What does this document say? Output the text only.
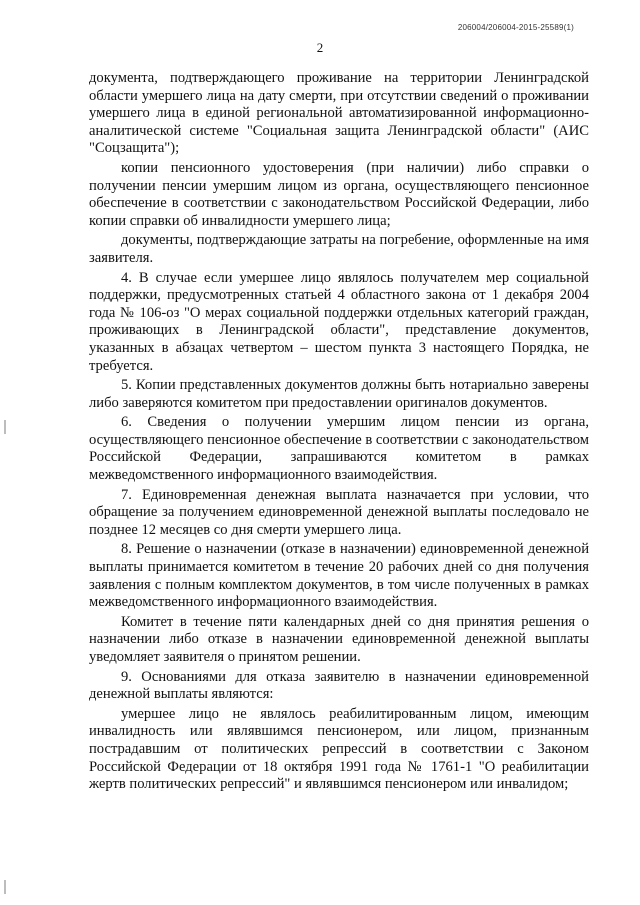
206004/206004-2015-25589(1)
2

документа, подтверждающего проживание на территории Ленинградской области умершего лица на дату смерти, при отсутствии сведений о проживании умершего лица в единой региональной автоматизированной информационно-аналитической системе "Социальная защита Ленинградской области" (АИС "Соцзащита");

копии пенсионного удостоверения (при наличии) либо справки о получении пенсии умершим лицом из органа, осуществляющего пенсионное обеспечение в соответствии с законодательством Российской Федерации, либо копии справки об инвалидности умершего лица;

документы, подтверждающие затраты на погребение, оформленные на имя заявителя.

4. В случае если умершее лицо являлось получателем мер социальной поддержки, предусмотренных статьей 4 областного закона от 1 декабря 2004 года № 106-оз "О мерах социальной поддержки отдельных категорий граждан, проживающих в Ленинградской области", представление документов, указанных в абзацах четвертом – шестом пункта 3 настоящего Порядка, не требуется.

5. Копии представленных документов должны быть нотариально заверены либо заверяются комитетом при предоставлении оригиналов документов.

6. Сведения о получении умершим лицом пенсии из органа, осуществляющего пенсионное обеспечение в соответствии с законодательством Российской Федерации, запрашиваются комитетом в рамках межведомственного информационного взаимодействия.

7. Единовременная денежная выплата назначается при условии, что обращение за получением единовременной денежной выплаты последовало не позднее 12 месяцев со дня смерти умершего лица.

8. Решение о назначении (отказе в назначении) единовременной денежной выплаты принимается комитетом в течение 20 рабочих дней со дня получения заявления с полным комплектом документов, в том числе полученных в рамках межведомственного информационного взаимодействия.

Комитет в течение пяти календарных дней со дня принятия решения о назначении либо отказе в назначении единовременной денежной выплаты уведомляет заявителя о принятом решении.

9. Основаниями для отказа заявителю в назначении единовременной денежной выплаты являются:

умершее лицо не являлось реабилитированным лицом, имеющим инвалидность или являвшимся пенсионером, или лицом, признанным пострадавшим от политических репрессий в соответствии с Законом Российской Федерации от 18 октября 1991 года № 1761-1 "О реабилитации жертв политических репрессий" и являвшимся пенсионером или инвалидом;
